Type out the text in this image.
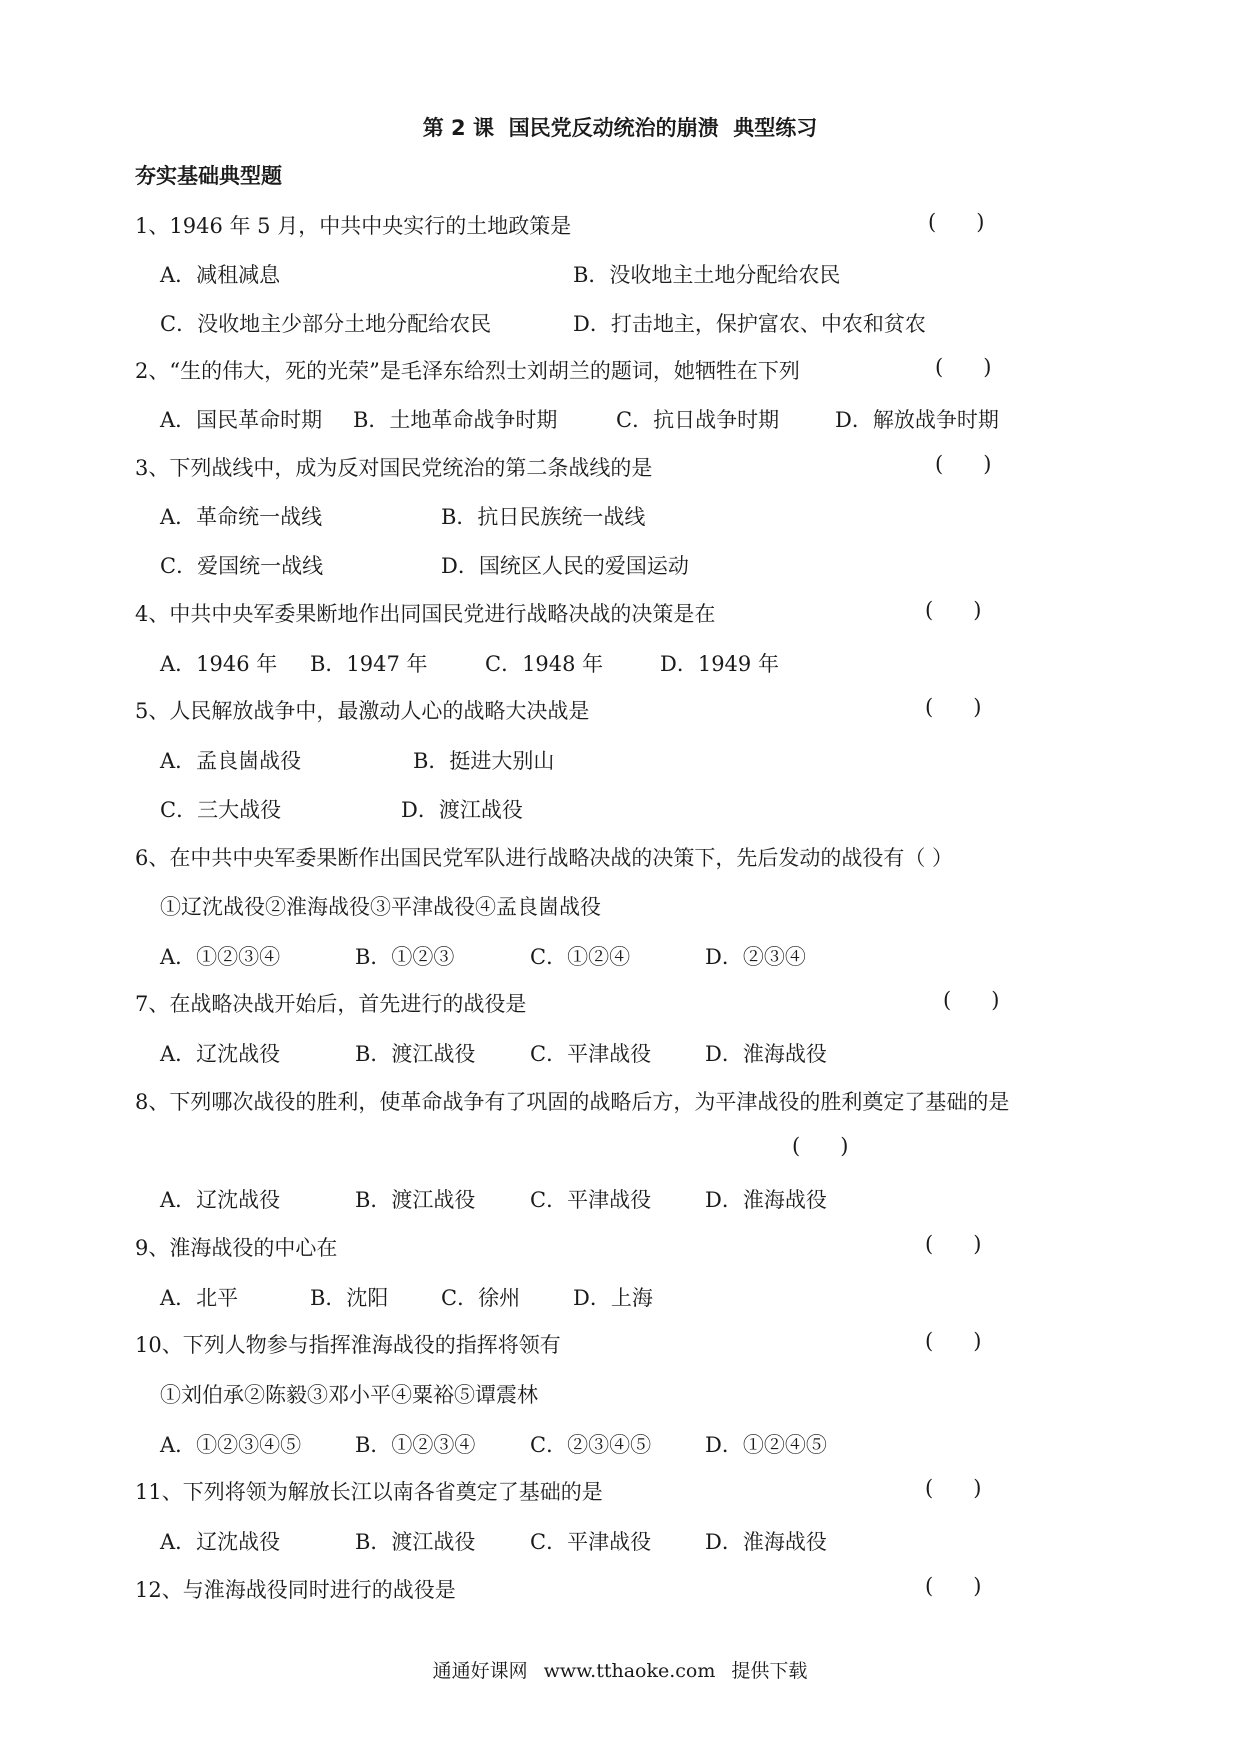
第 2 课  国民党反动统治的崩溃  典型练习
夯实基础典型题
1、1946 年 5 月，中共中央实行的土地政策是	(      )
A．减租减息	B．没收地主土地分配给农民
C．没收地主少部分土地分配给农民	D．打击地主，保护富农、中农和贫农
2、“生的伟大，死的光荣”是毛泽东给烈士刘胡兰的题词，她牺牲在下列	(      )
A．国民革命时期 B．土地革命战争时期	C．抗日战争时期	D．解放战争时期
3、下列战线中，成为反对国民党统治的第二条战线的是	(      )
A．革命统一战线	B．抗日民族统一战线
C．爱国统一战线	D．国统区人民的爱国运动
4、中共中央军委果断地作出同国民党进行战略决战的决策是在	(      )
A．1946 年 B．1947 年	C．1948 年	D．1949 年
5、人民解放战争中，最激动人心的战略大决战是	(      )
A．孟良崮战役	B．挺进大别山
C．三大战役	D．渡江战役
6、在中共中央军委果断作出国民党军队进行战略决战的决策下，先后发动的战役有（ ）
①辽沈战役②淮海战役③平津战役④孟良崮战役
A．①②③④	B．①②③	C．①②④	D．②③④
7、在战略决战开始后，首先进行的战役是	(      )
A．辽沈战役	B．渡江战役	C．平津战役	D．淮海战役
8、下列哪次战役的胜利，使革命战争有了巩固的战略后方，为平津战役的胜利奠定了基础的是
(      )
A．辽沈战役	B．渡江战役	C．平津战役	D．淮海战役
9、淮海战役的中心在	(      )
A．北平	B．沈阳	C．徐州	D．上海
10、下列人物参与指挥淮海战役的指挥将领有	(      )
①刘伯承②陈毅③邓小平④粟裕⑤谭震林
A．①②③④⑤	B．①②③④	C．②③④⑤	D．①②④⑤
11、下列将领为解放长江以南各省奠定了基础的是	(      )
A．辽沈战役	B．渡江战役	C．平津战役	D．淮海战役
12、与淮海战役同时进行的战役是	(      )
通通好课网 www.tthaoke.com 提供下载
